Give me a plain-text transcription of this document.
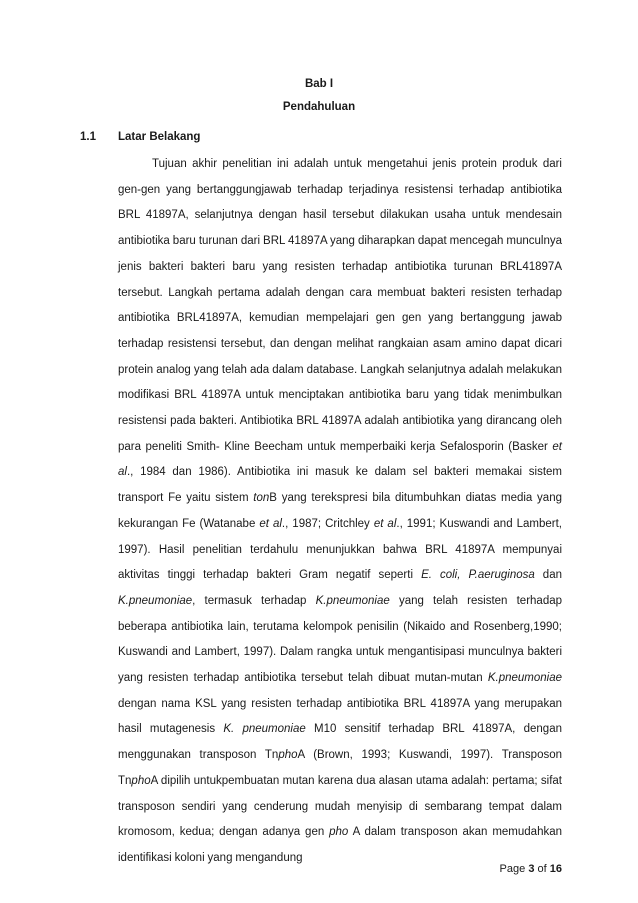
Bab I
Pendahuluan
1.1 Latar Belakang
Tujuan akhir penelitian ini adalah untuk mengetahui jenis protein produk dari gen-gen yang bertanggungjawab terhadap terjadinya resistensi terhadap antibiotika BRL 41897A, selanjutnya dengan hasil tersebut dilakukan usaha untuk mendesain antibiotika baru turunan dari BRL 41897A yang diharapkan dapat mencegah munculnya jenis bakteri bakteri baru yang resisten terhadap antibiotika turunan BRL41897A tersebut. Langkah pertama adalah dengan cara membuat bakteri resisten terhadap antibiotika BRL41897A, kemudian mempelajari gen gen yang bertanggung jawab terhadap resistensi tersebut, dan dengan melihat rangkaian asam amino dapat dicari protein analog yang telah ada dalam database. Langkah selanjutnya adalah melakukan modifikasi BRL 41897A untuk menciptakan antibiotika baru yang tidak menimbulkan resistensi pada bakteri. Antibiotika BRL 41897A adalah antibiotika yang dirancang oleh para peneliti Smith- Kline Beecham untuk memperbaiki kerja Sefalosporin (Basker et al., 1984 dan 1986). Antibiotika ini masuk ke dalam sel bakteri memakai sistem transport Fe yaitu sistem tonB yang terekspresi bila ditumbuhkan diatas media yang kekurangan Fe (Watanabe et al., 1987; Critchley et al., 1991; Kuswandi and Lambert, 1997). Hasil penelitian terdahulu menunjukkan bahwa BRL 41897A mempunyai aktivitas tinggi terhadap bakteri Gram negatif seperti E. coli, P.aeruginosa dan K.pneumoniae, termasuk terhadap K.pneumoniae yang telah resisten terhadap beberapa antibiotika lain, terutama kelompok penisilin (Nikaido and Rosenberg,1990; Kuswandi and Lambert, 1997). Dalam rangka untuk mengantisipasi munculnya bakteri yang resisten terhadap antibiotika tersebut telah dibuat mutan-mutan K.pneumoniae dengan nama KSL yang resisten terhadap antibiotika BRL 41897A yang merupakan hasil mutagenesis K. pneumoniae M10 sensitif terhadap BRL 41897A, dengan menggunakan transposon TnphoA (Brown, 1993; Kuswandi, 1997). Transposon TnphoA dipilih untukpembuatan mutan karena dua alasan utama adalah: pertama; sifat transposon sendiri yang cenderung mudah menyisip di sembarang tempat dalam kromosom, kedua; dengan adanya gen pho A dalam transposon akan memudahkan identifikasi koloni yang mengandung
Page 3 of 16
